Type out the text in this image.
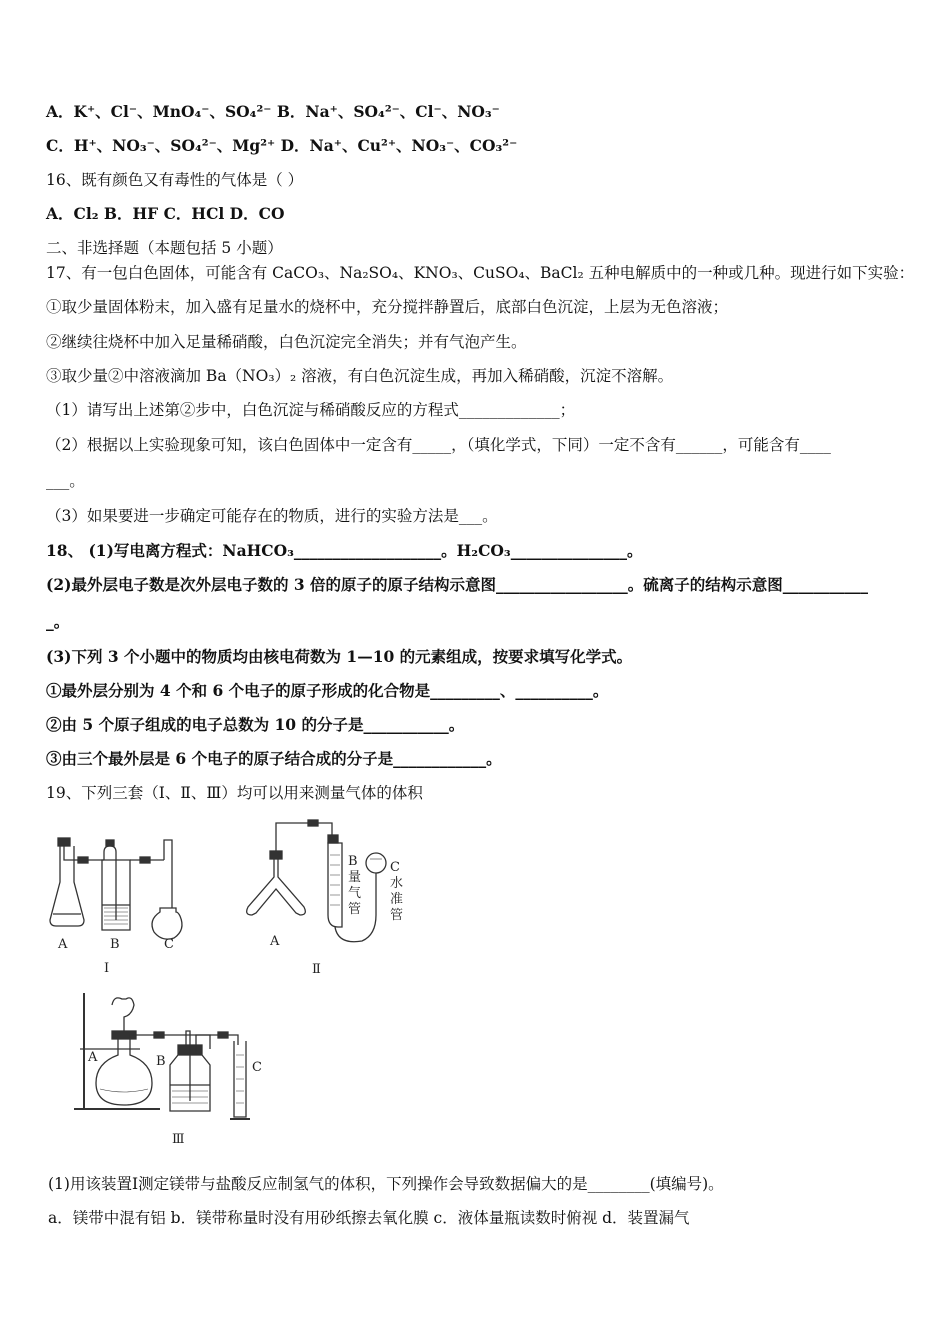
A．K⁺、Cl⁻、MnO₄⁻、SO₄²⁻ B．Na⁺、SO₄²⁻、Cl⁻、NO₃⁻
C．H⁺、NO₃⁻、SO₄²⁻、Mg²⁺ D．Na⁺、Cu²⁺、NO₃⁻、CO₃²⁻
16、既有颜色又有毒性的气体是（ ）
A．Cl₂ B．HF C．HCl D．CO
二、非选择题（本题包括 5 小题）
17、有一包白色固体，可能含有 CaCO₃、Na₂SO₄、KNO₃、CuSO₄、BaCl₂ 五种电解质中的一种或几种。现进行如下实验：
①取少量固体粉末，加入盛有足量水的烧杯中，充分搅拌静置后，底部白色沉淀，上层为无色溶液；
②继续往烧杯中加入足量稀硝酸，白色沉淀完全消失；并有气泡产生。
③取少量②中溶液滴加 Ba（NO₃）₂ 溶液，有白色沉淀生成，再加入稀硝酸，沉淀不溶解。
（1）请写出上述第②步中，白色沉淀与稀硝酸反应的方程式_____________；
（2）根据以上实验现象可知，该白色固体中一定含有_____，（填化学式，下同）一定不含有______，可能含有____
___。
（3）如果要进一步确定可能存在的物质，进行的实验方法是___。
18、 (1)写电离方程式：NaHCO₃___________________。H₂CO₃_______________。
(2)最外层电子数是次外层电子数的 3 倍的原子的原子结构示意图_________________。硫离子的结构示意图___________
_。
(3)下列 3 个小题中的物质均由核电荷数为 1—10 的元素组成，按要求填写化学式。
①最外层分别为 4 个和 6 个电子的原子形成的化合物是_________、__________。
②由 5 个原子组成的电子总数为 10 的分子是___________。
③由三个最外层是 6 个电子的原子结合成的分子是____________。
19、下列三套（Ⅰ、Ⅱ、Ⅲ）均可以用来测量气体的体积
A	B	C
Ⅰ
A
B
量
气
管
C
水
准
管
Ⅱ
A	B	C
Ⅲ
(1)用该装置Ⅰ测定镁带与盐酸反应制氢气的体积，下列操作会导致数据偏大的是________(填编号)。
a．镁带中混有铝 b．镁带称量时没有用砂纸擦去氧化膜 c．液体量瓶读数时俯视 d．装置漏气
